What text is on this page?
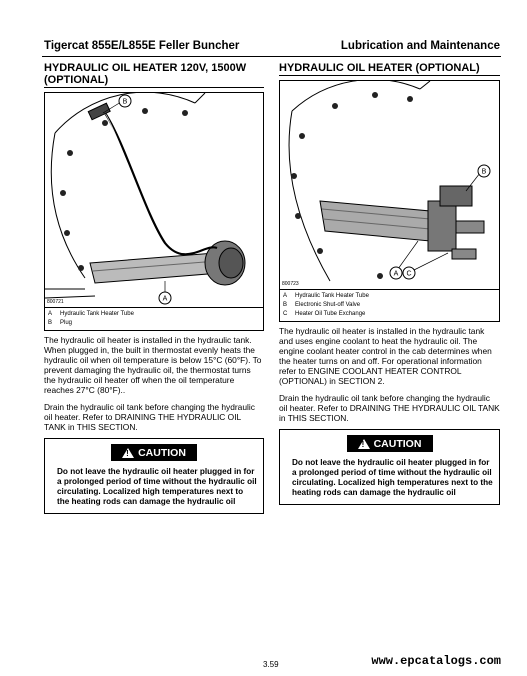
Tigercat 855E/L855E Feller Buncher	Lubrication and Maintenance
HYDRAULIC OIL HEATER 120V, 1500W (OPTIONAL)
B
A
800721
A Hydraulic Tank Heater Tube
B Plug

The hydraulic oil heater is installed in the hydraulic tank. When plugged in, the built in thermostat evenly heats the hydraulic oil when oil temperature is below 15°C (60°F). To prevent damaging the hydraulic oil, the thermostat turns the hydraulic oil heater off when the oil temperature reaches 27°C (80°F)..

Drain the hydraulic oil tank before changing the hydraulic oil heater. Refer to DRAINING THE HYDRAULIC OIL TANK in THIS SECTION.

!
CAUTION
Do not leave the hydraulic oil heater plugged in for a prolonged period of time without the hydraulic oil circulating. Localized high temperatures next to the heating rods can damage the hydraulic oil
HYDRAULIC OIL HEATER (OPTIONAL)
B
A C
800723
A Hydraulic Tank Heater Tube
B Electronic Shut-off Valve
C Heater Oil Tube Exchange

The hydraulic oil heater is installed in the hydraulic tank and uses engine coolant to heat the hydraulic oil. The engine coolant heater control in the cab determines when the heater turns on and off. For operational information refer to ENGINE COOLANT HEATER CONTROL (OPTIONAL) in SECTION 2.

Drain the hydraulic oil tank before changing the hydraulic oil heater. Refer to DRAINING THE HYDRAULIC OIL TANK in THIS SECTION.

!
CAUTION
Do not leave the hydraulic oil heater plugged in for a prolonged period of time without the hydraulic oil circulating. Localized high temperatures next to the heating rods can damage the hydraulic oil
3.59	www.epcatalogs.com
